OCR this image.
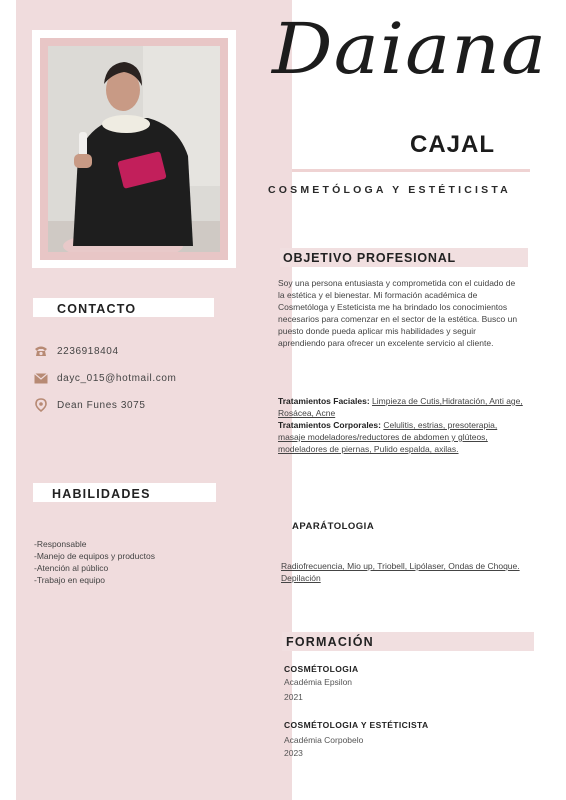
CONTACTO
2236918404
dayc_015@hotmail.com
Dean Funes 3075
HABILIDADES
-Responsable
-Manejo de equipos y productos
-Atención al público
-Trabajo en equipo
Daiana
CAJAL
COSMETÓLOGA Y ESTÉTICISTA
OBJETIVO PROFESIONAL
Soy una persona entusiasta y comprometida con el cuidado de la estética y el bienestar. Mi formación académica de Cosmetóloga y Esteticista me ha brindado los conocimientos necesarios para comenzar en el sector de la estética. Busco un puesto donde pueda aplicar mis habilidades y seguir aprendiendo para ofrecer un excelente servicio al cliente.
Tratamientos Faciales: Limpieza de Cutis,Hidratación, Anti age, Rosácea, Acne
Tratamientos Corporales: Celulitis, estrias, presoterapia, masaje modeladores/reductores de abdomen y glúteos, modeladores de piernas, Pulido espalda, axilas.
APARÁTOLOGIA
Radiofrecuencia, Mio up, Triobell, Lipólaser, Ondas de Choque.
Depilación
FORMACIÓN
COSMÉTOLOGIA
Académia Epsilon
2021
COSMÉTOLOGIA Y ESTÉTICISTA
Académia Corpobelo
2023
